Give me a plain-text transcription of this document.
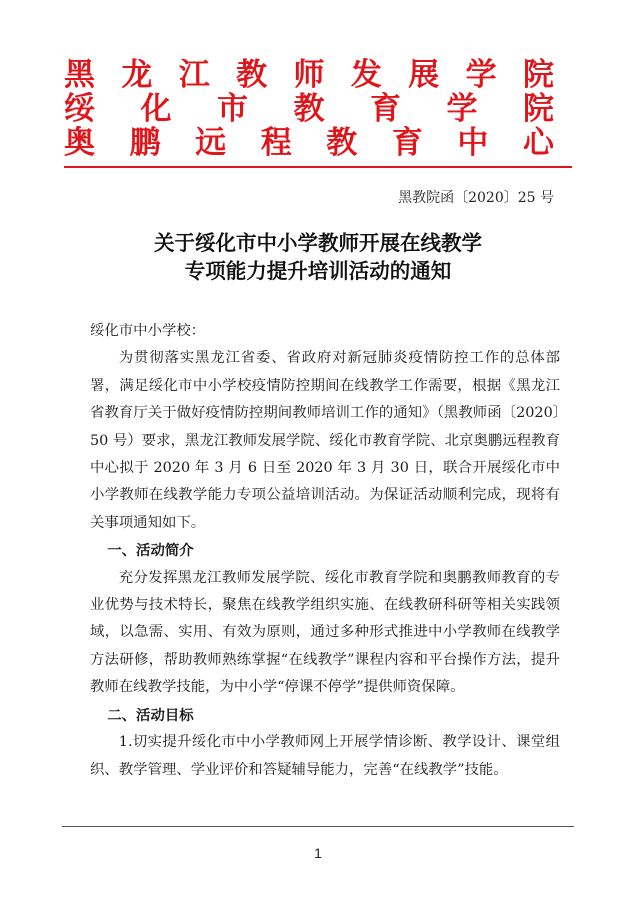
黑 龙 江 教 师 发 展 学 院
绥 化 市 教 育 学 院
奥 鹏 远 程 教 育 中 心
黑教院函〔2020〕25 号
关于绥化市中小学教师开展在线教学
专项能力提升培训活动的通知

绥化市中小学校：

为贯彻落实黑龙江省委、省政府对新冠肺炎疫情防控工作的总体部署，满足绥化市中小学校疫情防控期间在线教学工作需要，根据《黑龙江省教育厅关于做好疫情防控期间教师培训工作的通知》（黑教师函〔2020〕50 号）要求，黑龙江教师发展学院、绥化市教育学院、北京奥鹏远程教育中心拟于 2020 年 3 月 6 日至 2020 年 3 月 30 日，联合开展绥化市中小学教师在线教学能力专项公益培训活动。为保证活动顺利完成，现将有关事项通知如下。

一、活动简介

充分发挥黑龙江教师发展学院、绥化市教育学院和奥鹏教师教育的专业优势与技术特长，聚焦在线教学组织实施、在线教研科研等相关实践领域，以急需、实用、有效为原则，通过多种形式推进中小学教师在线教学方法研修，帮助教师熟练掌握“在线教学”课程内容和平台操作方法，提升教师在线教学技能，为中小学“停课不停学”提供师资保障。

二、活动目标

1.切实提升绥化市中小学教师网上开展学情诊断、教学设计、课堂组织、教学管理、学业评价和答疑辅导能力，完善“在线教学”技能。

1
